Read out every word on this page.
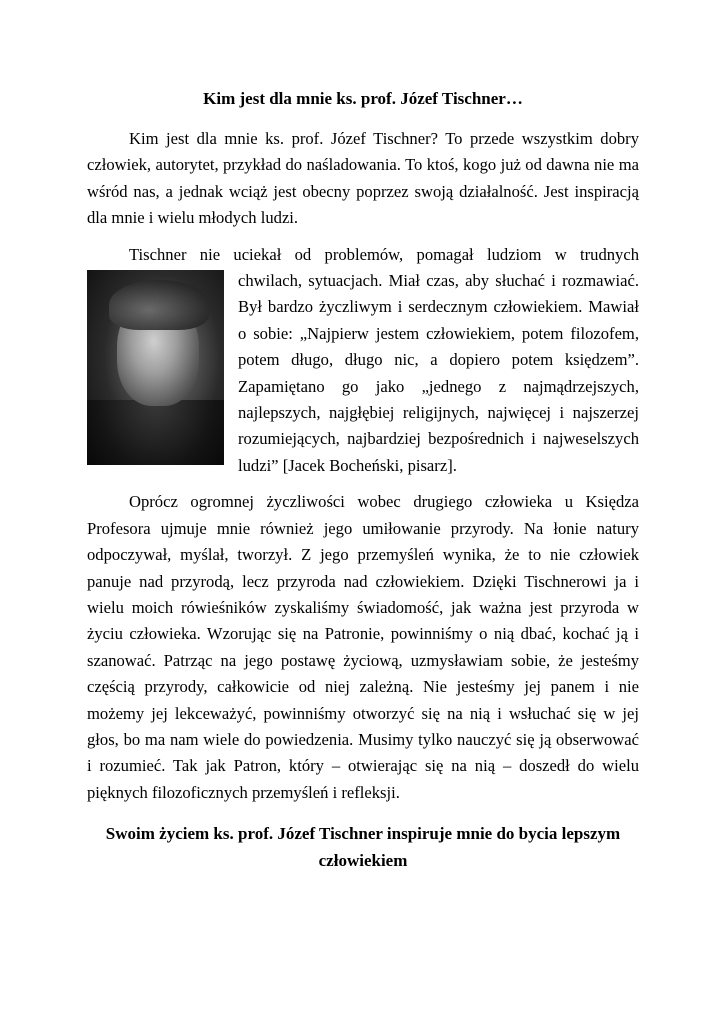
Kim jest dla mnie ks. prof. Józef Tischner…

Kim jest dla mnie ks. prof. Józef Tischner? To przede wszystkim dobry człowiek, autorytet, przykład do naśladowania. To ktoś, kogo już od dawna nie ma wśród nas, a jednak wciąż jest obecny poprzez swoją działalność. Jest inspiracją dla mnie i wielu młodych ludzi.

Tischner nie uciekał od problemów, pomagał ludziom w trudnych
chwilach, sytuacjach. Miał czas, aby słuchać i rozmawiać. Był bardzo życzliwym i serdecznym człowiekiem. Mawiał o sobie: „Najpierw jestem człowiekiem, potem filozofem, potem długo, długo nic, a dopiero potem księdzem”. Zapamiętano go jako „jednego z najmądrzejszych, najlepszych, najgłębiej religijnych, najwięcej i najszerzej rozumiejących, najbardziej bezpośrednich i najweselszych ludzi” [Jacek Bocheński, pisarz].

Oprócz ogromnej życzliwości wobec drugiego człowieka u Księdza Profesora ujmuje mnie również jego umiłowanie przyrody. Na łonie natury odpoczywał, myślał, tworzył. Z jego przemyśleń wynika, że to nie człowiek panuje nad przyrodą, lecz przyroda nad człowiekiem. Dzięki Tischnerowi ja i wielu moich rówieśników zyskaliśmy świadomość, jak ważna jest przyroda w życiu człowieka. Wzorując się na Patronie, powinniśmy o nią dbać, kochać ją i szanować. Patrząc na jego postawę życiową, uzmysławiam sobie, że jesteśmy częścią przyrody, całkowicie od niej zależną. Nie jesteśmy jej panem i nie możemy jej lekceważyć, powinniśmy otworzyć się na nią i wsłuchać się w jej głos, bo ma nam wiele do powiedzenia. Musimy tylko nauczyć się ją obserwować i rozumieć. Tak jak Patron, który – otwierając się na nią – doszedł do wielu pięknych filozoficznych przemyśleń i refleksji.

Swoim życiem ks. prof. Józef Tischner inspiruje mnie do bycia lepszym
człowiekiem
